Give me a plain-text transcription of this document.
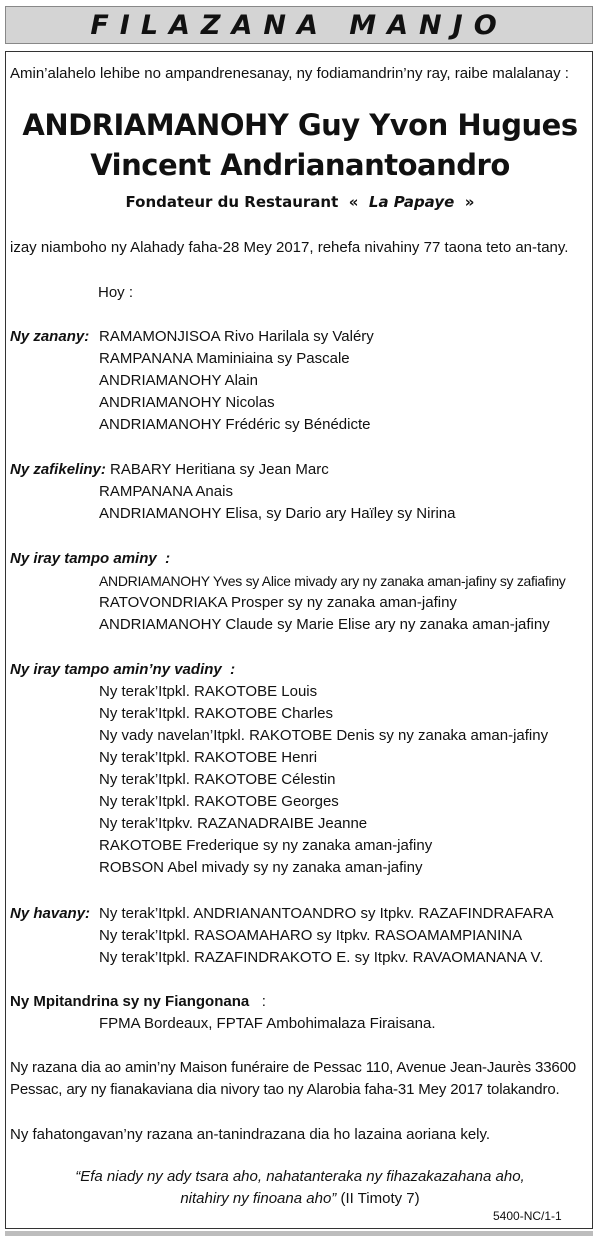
FILAZANA MANJO
Amin’alahelo lehibe no ampandrenesanay, ny fodiamandrin’ny ray, raibe malalanay :
ANDRIAMANOHY Guy Yvon Hugues
Vincent Andrianantoandro
Fondateur du Restaurant « La Papaye »
izay niamboho ny Alahady faha-28 Mey 2017, rehefa nivahiny 77 taona teto an-tany.
Hoy :
Ny zanany: RAMAMONJISOA Rivo Harilala sy Valéry
RAMPANANA Maminiaina sy Pascale
ANDRIAMANOHY Alain
ANDRIAMANOHY Nicolas
ANDRIAMANOHY Frédéric sy Bénédicte
Ny zafikeliny: RABARY Heritiana sy Jean Marc
RAMPANANA Anais
ANDRIAMANOHY Elisa, sy Dario ary Haïley sy Nirina
Ny iray tampo aminy :
ANDRIAMANOHY Yves sy Alice mivady ary ny zanaka aman-jafiny sy zafiafiny
RATOVONDRIAKA Prosper sy ny zanaka aman-jafiny
ANDRIAMANOHY Claude sy Marie Elise ary ny zanaka aman-jafiny
Ny iray tampo amin’ny vadiny :
Ny terak’Itpkl. RAKOTOBE Louis
Ny terak’Itpkl. RAKOTOBE Charles
Ny vady navelan’Itpkl. RAKOTOBE Denis sy ny zanaka aman-jafiny
Ny terak’Itpkl. RAKOTOBE Henri
Ny terak’Itpkl. RAKOTOBE Célestin
Ny terak’Itpkl. RAKOTOBE Georges
Ny terak’Itpkv. RAZANADRAIBE Jeanne
RAKOTOBE Frederique sy ny zanaka aman-jafiny
ROBSON Abel mivady sy ny zanaka aman-jafiny
Ny havany: Ny terak’Itpkl. ANDRIANANTOANDRO sy Itpkv. RAZAFINDRAFARA
Ny terak’Itpkl. RASOAMAHARO sy Itpkv. RASOAMAMPIANINA
Ny terak’Itpkl. RAZAFINDRAKOTO E. sy Itpkv. RAVAOMANANA V.
Ny Mpitandrina sy ny Fiangonana :
FPMA Bordeaux, FPTAF Ambohimalaza Firaisana.
Ny razana dia ao amin’ny Maison funéraire de Pessac 110, Avenue Jean-Jaurès 33600
Pessac, ary ny fianakaviana dia nivory tao ny Alarobia faha-31 Mey 2017 tolakandro.
Ny fahatongavan’ny razana an-tanindrazana dia ho lazaina aoriana kely.
“Efa niady ny ady tsara aho, nahatanteraka ny fihazakazahana aho,
nitahiry ny finoana aho” (II Timoty 7)
5400-NC/1-1
